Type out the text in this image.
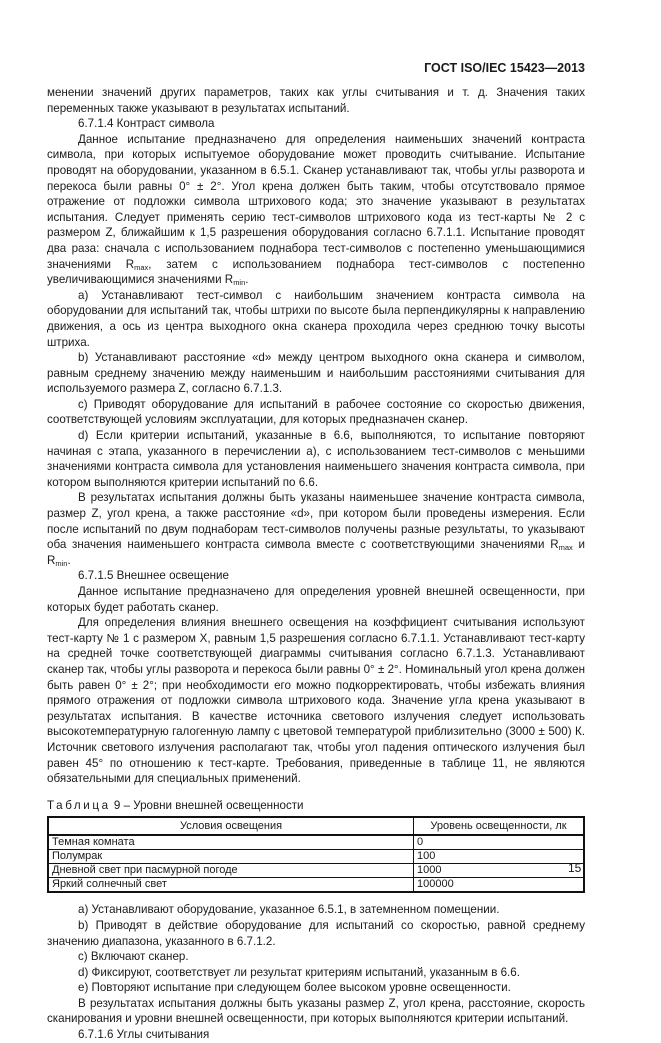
ГОСТ ISO/IEC 15423—2013

менении значений других параметров, таких как углы считывания и т. д. Значения таких переменных также указывают в результатах испытаний.

6.7.1.4 Контраст символа

Данное испытание предназначено для определения наименьших значений контраста символа, при которых испытуемое оборудование может проводить считывание. Испытание проводят на оборудовании, указанном в 6.5.1. Сканер устанавливают так, чтобы углы разворота и перекоса были равны 0° ± 2°. Угол крена должен быть таким, чтобы отсутствовало прямое отражение от подложки символа штрихового кода; это значение указывают в результатах испытания. Следует применять серию тест-символов штрихового кода из тест-карты № 2 с размером Z, ближайшим к 1,5 разрешения оборудования согласно 6.7.1.1. Испытание проводят два раза: сначала с использованием поднабора тест-символов с постепенно уменьшающимися значениями $R_{max}$, затем с использованием поднабора тест-символов с постепенно увеличивающимися значениями $R_{min}$.

a) Устанавливают тест-символ с наибольшим значением контраста символа на оборудовании для испытаний так, чтобы штрихи по высоте была перпендикулярны к направлению движения, а ось из центра выходного окна сканера проходила через среднюю точку высоты штриха.

b) Устанавливают расстояние «d» между центром выходного окна сканера и символом, равным среднему значению между наименьшим и наибольшим расстояниями считывания для используемого размера Z, согласно 6.7.1.3.

c) Приводят оборудование для испытаний в рабочее состояние со скоростью движения, соответствующей условиям эксплуатации, для которых предназначен сканер.

d) Если критерии испытаний, указанные в 6.6, выполняются, то испытание повторяют начиная с этапа, указанного в перечислении a), с использованием тест-символов с меньшими значениями контраста символа для установления наименьшего значения контраста символа, при котором выполняются критерии испытаний по 6.6.

В результатах испытания должны быть указаны наименьшее значение контраста символа, размер Z, угол крена, а также расстояние «d», при котором были проведены измерения. Если после испытаний по двум поднаборам тест-символов получены разные результаты, то указывают оба значения наименьшего контраста символа вместе с соответствующими значениями $R_{max}$ и $R_{min}$.

6.7.1.5 Внешнее освещение

Данное испытание предназначено для определения уровней внешней освещенности, при которых будет работать сканер.

Для определения влияния внешнего освещения на коэффициент считывания используют тест-карту № 1 с размером X, равным 1,5 разрешения согласно 6.7.1.1. Устанавливают тест-карту на средней точке соответствующей диаграммы считывания согласно 6.7.1.3. Устанавливают сканер так, чтобы углы разворота и перекоса были равны 0° ± 2°. Номинальный угол крена должен быть равен 0° ± 2°; при необходимости его можно подкорректировать, чтобы избежать влияния прямого отражения от подложки символа штрихового кода. Значение угла крена указывают в результатах испытания. В качестве источника светового излучения следует использовать высокотемпературную галогенную лампу с цветовой температурой приблизительно (3000 ± 500) К. Источник светового излучения располагают так, чтобы угол падения оптического излучения был равен 45° по отношению к тест-карте. Требования, приведенные в таблице 11, не являются обязательными для специальных применений.

Таблица 9 – Уровни внешней освещенности

Условия освещения	Уровень освещенности, лк
Темная комната	0
Полумрак	100
Дневной свет при пасмурной погоде	1000
Яркий солнечный свет	100000

a) Устанавливают оборудование, указанное 6.5.1, в затемненном помещении.

b) Приводят в действие оборудование для испытаний со скоростью, равной среднему значению диапазона, указанного в 6.7.1.2.

c) Включают сканер.

d) Фиксируют, соответствует ли результат критериям испытаний, указанным в 6.6.

e) Повторяют испытание при следующем более высоком уровне освещенности.

В результатах испытания должны быть указаны размер Z, угол крена, расстояние, скорость сканирования и уровни внешней освещенности, при которых выполняются критерии испытаний.

6.7.1.6 Углы считывания

15
